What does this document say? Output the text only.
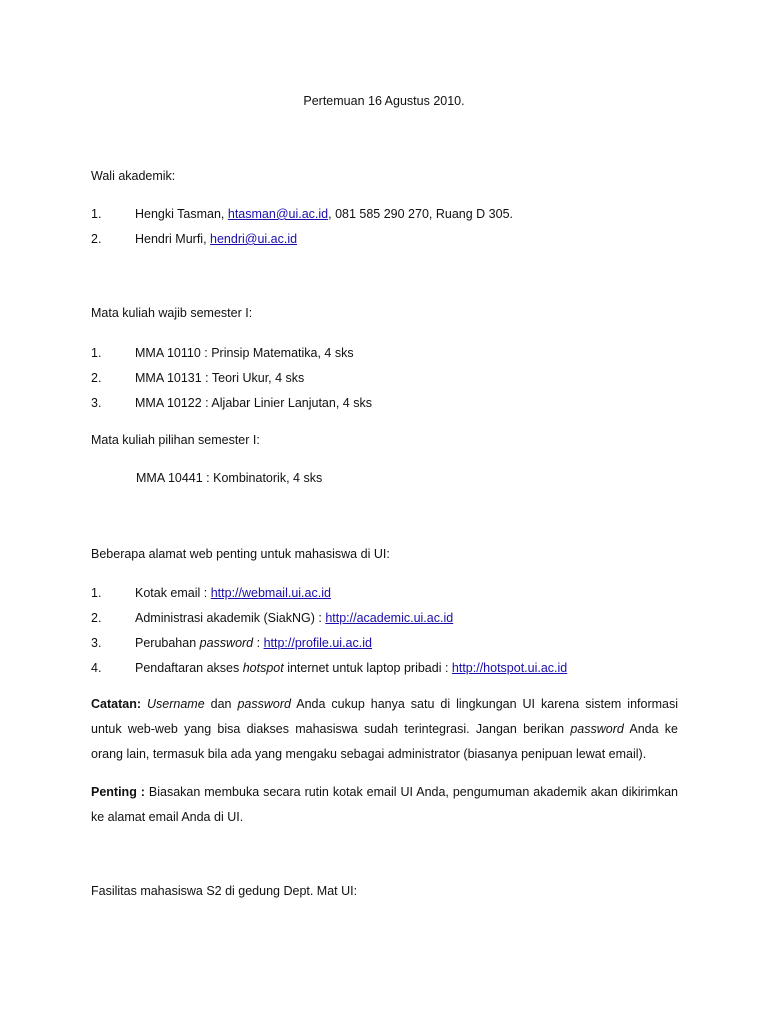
Pertemuan 16 Agustus 2010.
Wali akademik:
1.	Hengki Tasman, htasman@ui.ac.id, 081 585 290 270, Ruang D 305.
2.	Hendri Murfi, hendri@ui.ac.id
Mata kuliah wajib semester I:
1.	MMA 10110 : Prinsip Matematika, 4 sks
2.	MMA 10131 : Teori Ukur, 4 sks
3.	MMA 10122 : Aljabar Linier Lanjutan, 4 sks
Mata kuliah pilihan semester I:
MMA 10441 : Kombinatorik, 4 sks
Beberapa alamat web penting untuk mahasiswa di UI:
1.	Kotak email : http://webmail.ui.ac.id
2.	Administrasi akademik (SiakNG) : http://academic.ui.ac.id
3.	Perubahan password : http://profile.ui.ac.id
4.	Pendaftaran akses hotspot internet untuk laptop pribadi : http://hotspot.ui.ac.id
Catatan: Username dan password Anda cukup hanya satu di lingkungan UI karena sistem informasi untuk web-web yang bisa diakses mahasiswa sudah terintegrasi. Jangan berikan password Anda ke orang lain, termasuk bila ada yang mengaku sebagai administrator (biasanya penipuan lewat email).
Penting : Biasakan membuka secara rutin kotak email UI Anda, pengumuman akademik akan dikirimkan ke alamat email Anda di UI.
Fasilitas mahasiswa S2 di gedung Dept. Mat UI:
